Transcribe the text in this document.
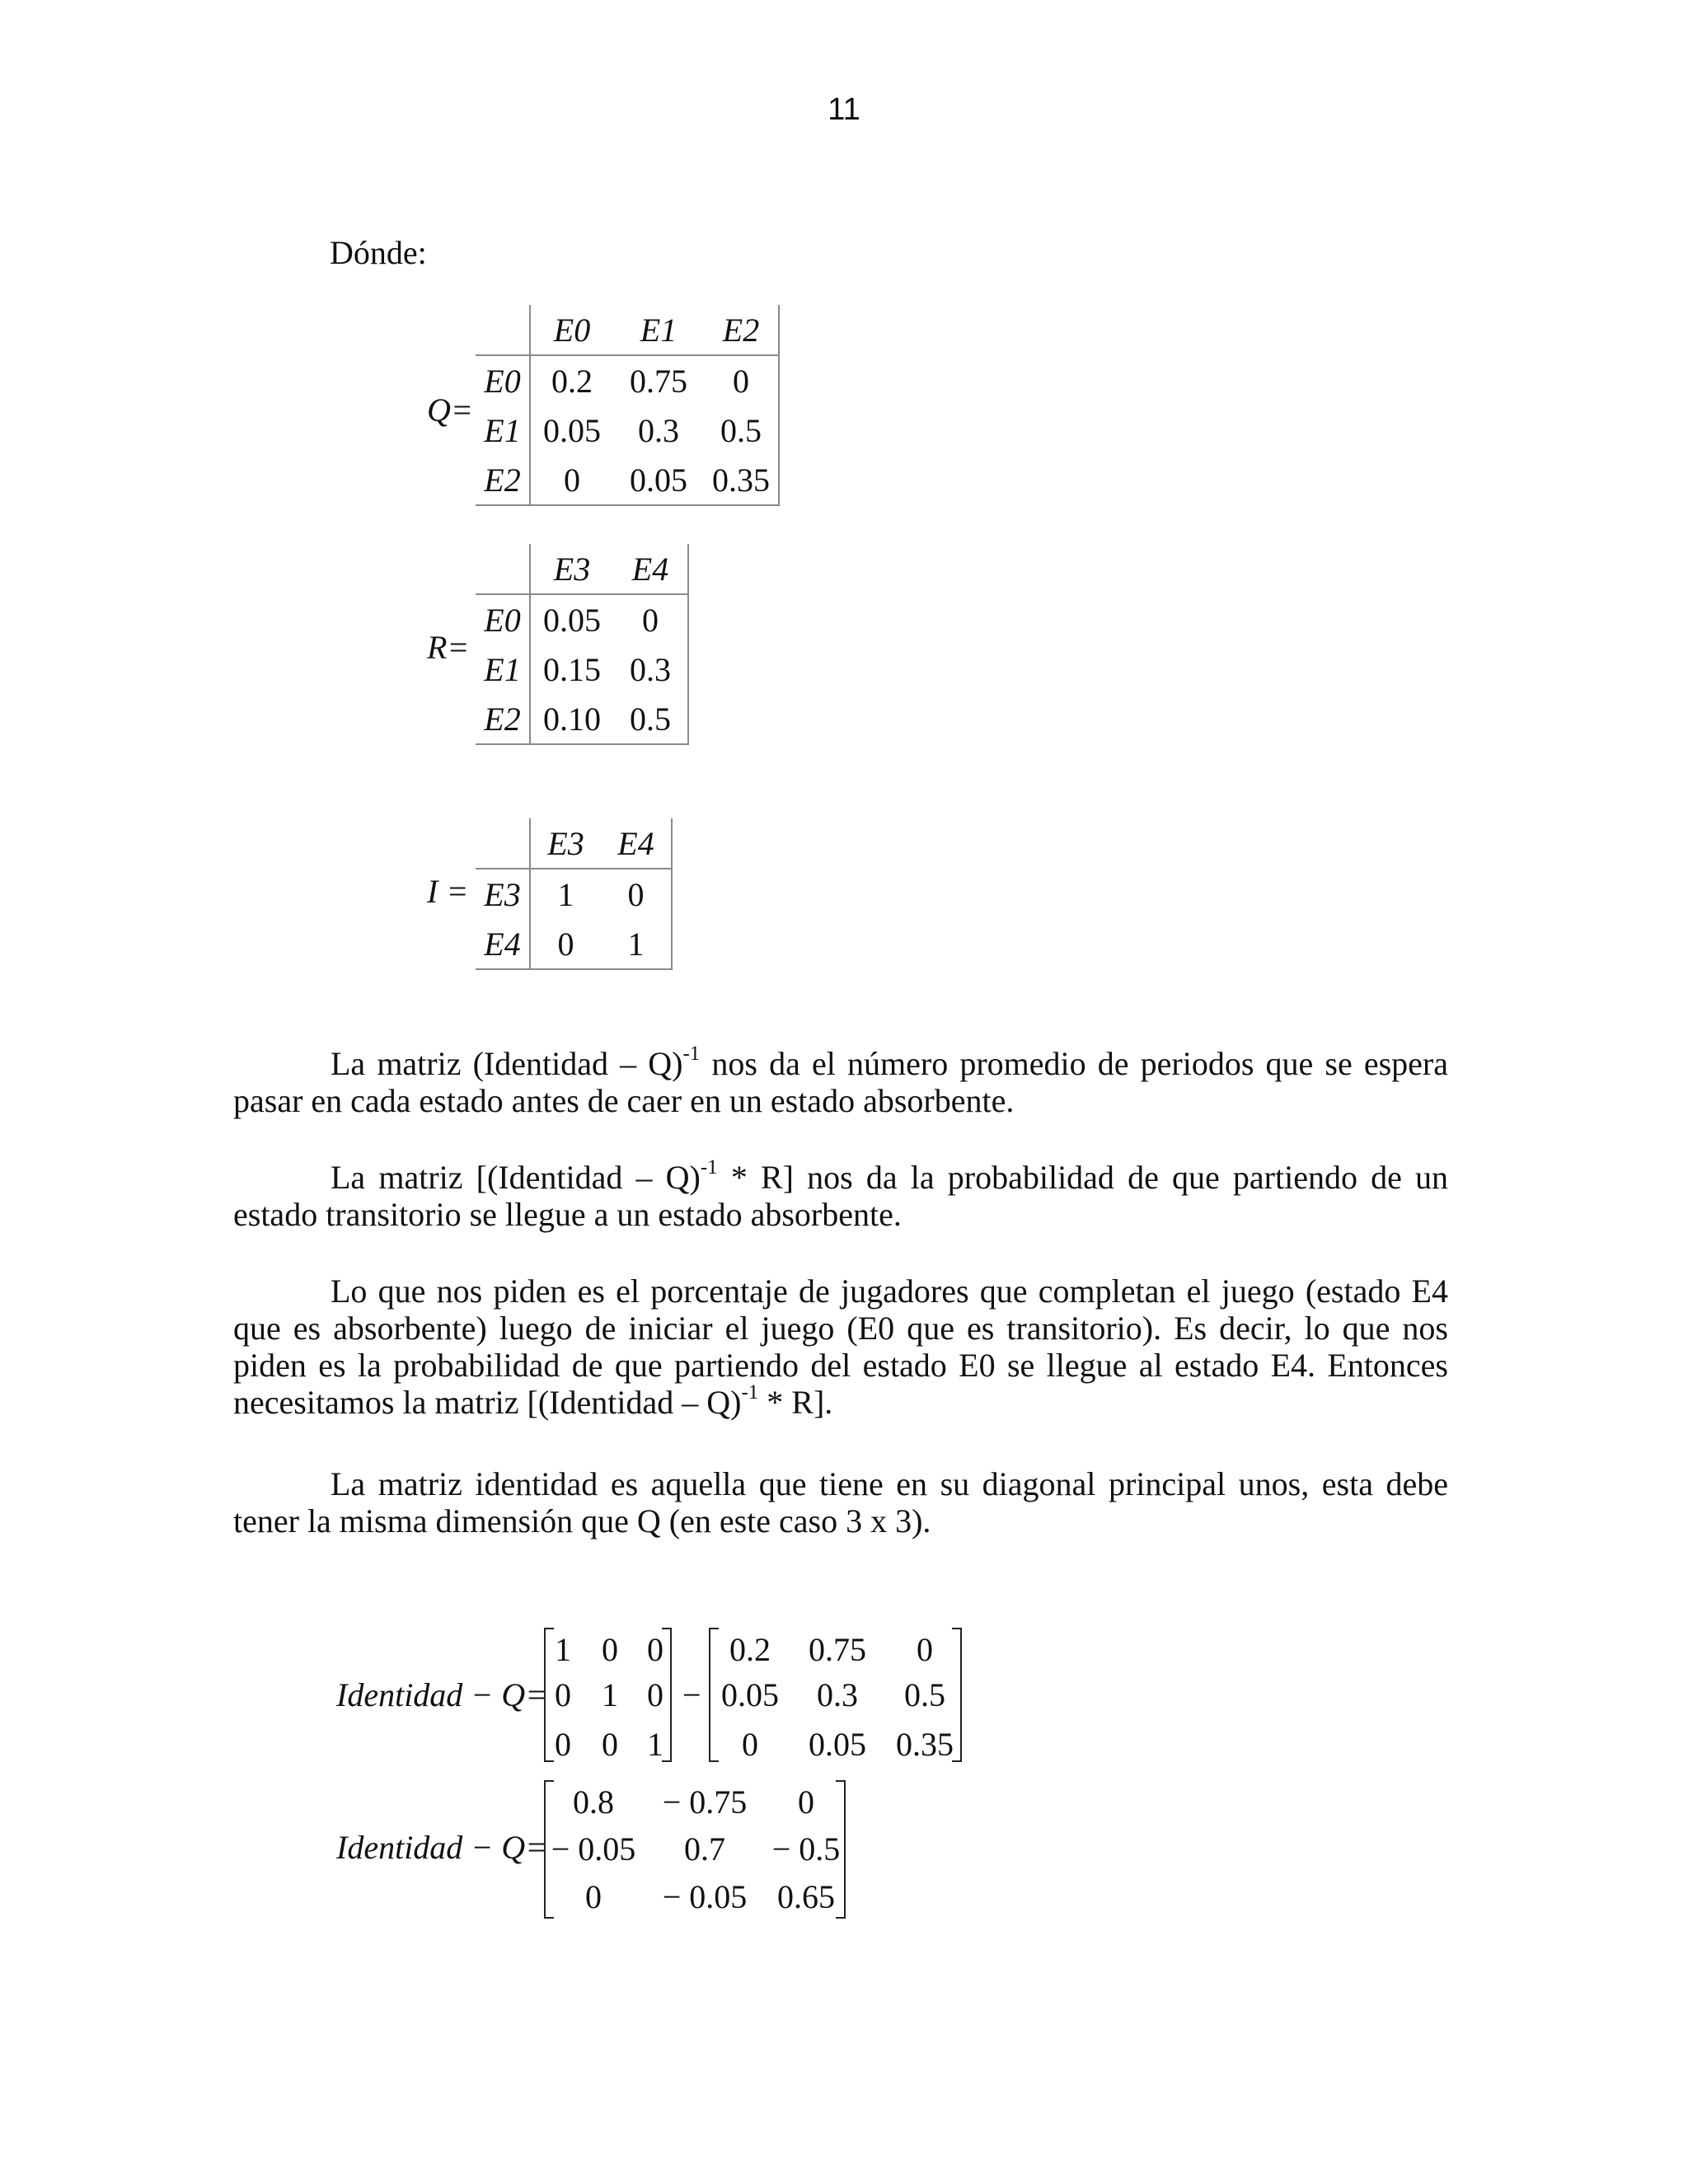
11
Dónde:
Q=
	E0	E1	E2
E0	0.2	0.75	0
E1	0.05	0.3	0.5
E2	0	0.05	0.35
R=
	E3	E4
E0	0.05	0
E1	0.15	0.3
E2	0.10	0.5
I =
	E3	E4
E3	1	0
E4	0	1

La matriz (Identidad – Q)$^{-1}$ nos da el número promedio de periodos que se espera pasar en cada estado antes de caer en un estado absorbente.

La matriz [(Identidad – Q)$^{-1}$ * R] nos da la probabilidad de que partiendo de un estado transitorio se llegue a un estado absorbente.

Lo que nos piden es el porcentaje de jugadores que completan el juego (estado E4 que es absorbente) luego de iniciar el juego (E0 que es transitorio). Es decir, lo que nos piden es la probabilidad de que partiendo del estado E0 se llegue al estado E4. Entonces necesitamos la matriz [(Identidad – Q)$^{-1}$ * R].

La matriz identidad es aquella que tiene en su diagonal principal unos, esta debe tener la misma dimensión que Q (en este caso 3 x 3).

Identidad − Q=
1 0 0
0 1 0
0 0 1
−
0.2	0.75	0
0.05	0.3	0.5
0	0.05 0.35
Identidad − Q=
0.8	− 0.75	0
− 0.05	0.7	− 0.5
0	− 0.05 0.65
